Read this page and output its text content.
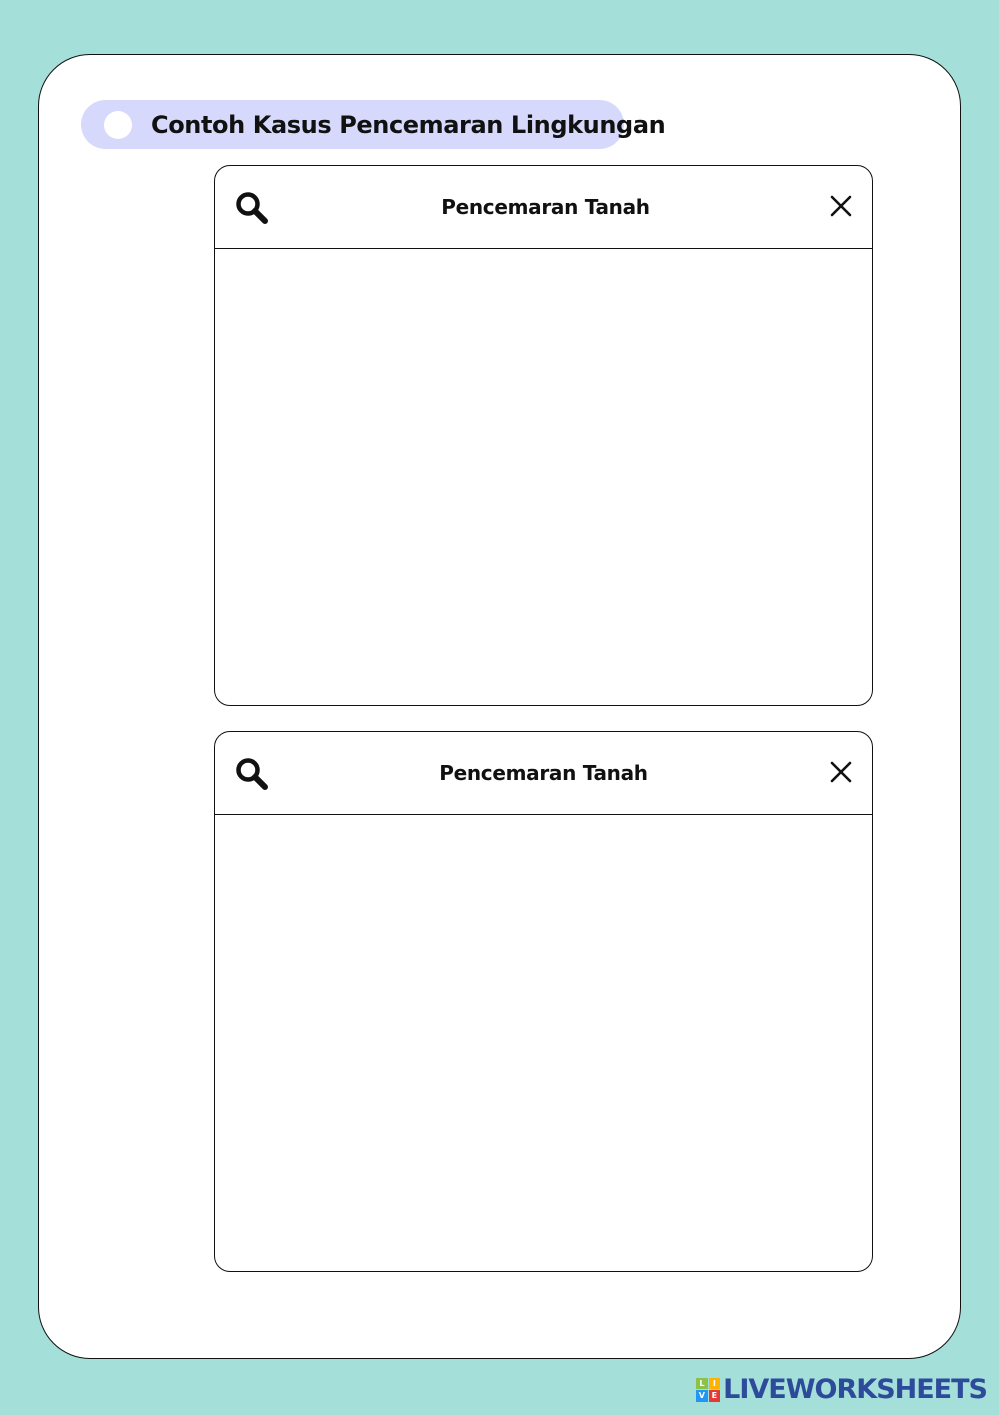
Contoh Kasus Pencemaran Lingkungan
Pencemaran Tanah
Pencemaran Tanah
L	I
V E LIVEWORKSHEETS
